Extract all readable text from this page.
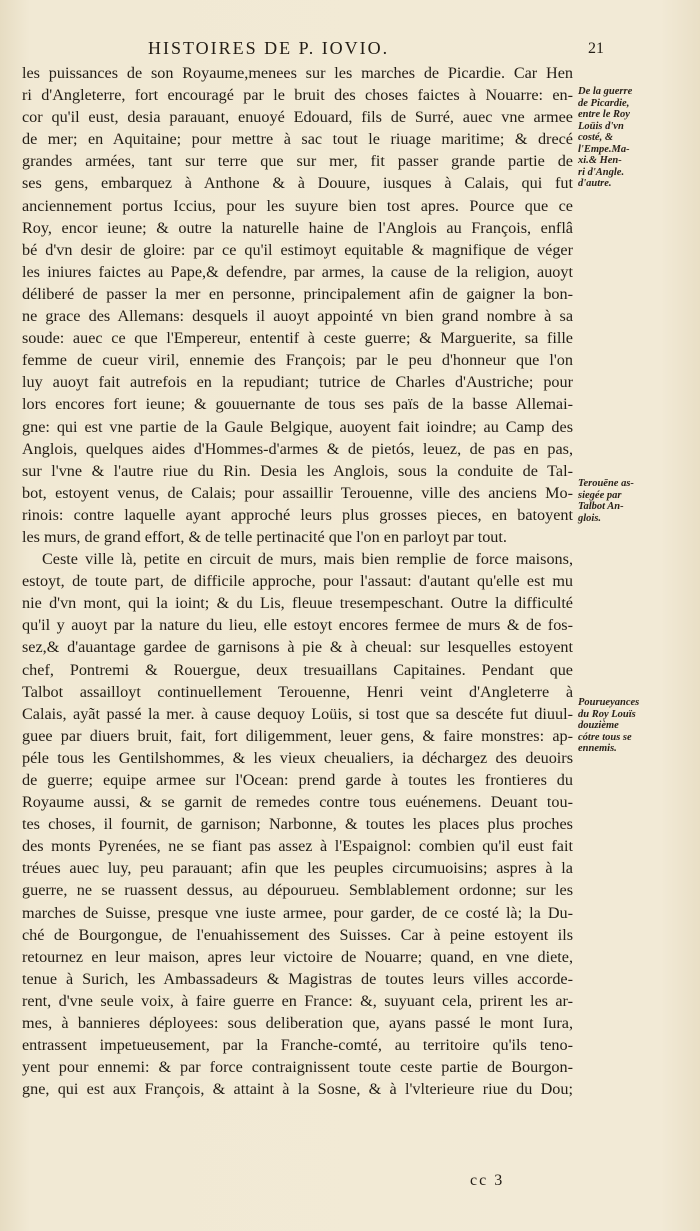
HISTOIRES DE P. IOVIO.	21
les puissances de son Royaume,menees sur les marches de Picardie. Car Hen
ri d'Angleterre, fort encouragé par le bruit des choses faictes à Nouarre: en-
cor qu'il eust, desia parauant, enuoyé Edouard, fils de Surré, auec vne armee
de mer; en Aquitaine; pour mettre à sac tout le riuage maritime; & drecé
grandes armées, tant sur terre que sur mer, fit passer grande partie de
ses gens, embarquez à Anthone & à Douure, iusques à Calais, qui fut
anciennement portus Iccius, pour les suyure bien tost apres. Pource que ce
Roy, encor ieune; & outre la naturelle haine de l'Anglois au François, enflâ
bé d'vn desir de gloire: par ce qu'il estimoyt equitable & magnifique de véger
les iniures faictes au Pape,& defendre, par armes, la cause de la religion, auoyt
déliberé de passer la mer en personne, principalement afin de gaigner la bon-
ne grace des Allemans: desquels il auoyt appointé vn bien grand nombre à sa
soude: auec ce que l'Empereur, ententif à ceste guerre; & Marguerite, sa fille
femme de cueur viril, ennemie des François; par le peu d'honneur que l'on
luy auoyt fait autrefois en la repudiant; tutrice de Charles d'Austriche; pour
lors encores fort ieune; & gouuernante de tous ses païs de la basse Allemai-
gne: qui est vne partie de la Gaule Belgique, auoyent fait ioindre; au Camp des
Anglois, quelques aides d'Hommes-d'armes & de pietós, leuez, de pas en pas,
sur l'vne & l'autre riue du Rin. Desia les Anglois, sous la conduite de Tal-
bot, estoyent venus, de Calais; pour assaillir Terouenne, ville des anciens Mo-
rinois: contre laquelle ayant approché leurs plus grosses pieces, en batoyent
les murs, de grand effort, & de telle pertinacité que l'on en parloyt par tout.
Ceste ville là, petite en circuit de murs, mais bien remplie de force maisons,
estoyt, de toute part, de difficile approche, pour l'assaut: d'autant qu'elle est mu
nie d'vn mont, qui la ioint; & du Lis, fleuue tresempeschant. Outre la difficulté
qu'il y auoyt par la nature du lieu, elle estoyt encores fermee de murs & de fos-
sez,& d'auantage gardee de garnisons à pie & à cheual: sur lesquelles estoyent
chef, Pontremi & Rouergue, deux tresuaillans Capitaines. Pendant que
Talbot assailloyt continuellement Terouenne, Henri veint d'Angleterre à
Calais, ayãt passé la mer. à cause dequoy Loüis, si tost que sa descéte fut diuul-
guee par diuers bruit, fait, fort diligemment, leuer gens, & faire monstres: ap-
péle tous les Gentilshommes, & les vieux cheualiers, ia déchargez des deuoirs
de guerre; equipe armee sur l'Ocean: prend garde à toutes les frontieres du
Royaume aussi, & se garnit de remedes contre tous euénemens. Deuant tou-
tes choses, il fournit, de garnison; Narbonne, & toutes les places plus proches
des monts Pyrenées, ne se fiant pas assez à l'Espaignol: combien qu'il eust fait
tréues auec luy, peu parauant; afin que les peuples circumuoisins; aspres à la
guerre, ne se ruassent dessus, au dépourueu. Semblablement ordonne; sur les
marches de Suisse, presque vne iuste armee, pour garder, de ce costé là; la Du-
ché de Bourgongue, de l'enuahissement des Suisses. Car à peine estoyent ils
retournez en leur maison, apres leur victoire de Nouarre; quand, en vne diete,
tenue à Surich, les Ambassadeurs & Magistras de toutes leurs villes accorde-
rent, d'vne seule voix, à faire guerre en France: &, suyuant cela, prirent les ar-
mes, à bannieres déployees: sous deliberation que, ayans passé le mont Iura,
entrassent impetueusement, par la Franche-comté, au territoire qu'ils teno-
yent pour ennemi: & par force contraignissent toute ceste partie de Bourgon-
gne, qui est aux François, & attaint à la Sosne, & à l'vlterieure riue du Dou;
De la guerre
de Picardie,
entre le Roy
Loüis d'vn
costé, &
l'Empe.Ma-
xi.& Hen-
ri d'Angle.
d'autre.
Terouēne as-
siegée par
Talbot An-
glois.
Pourueyances
du Roy Louïs
douzième
cótre tous se
ennemis.
cc 3
